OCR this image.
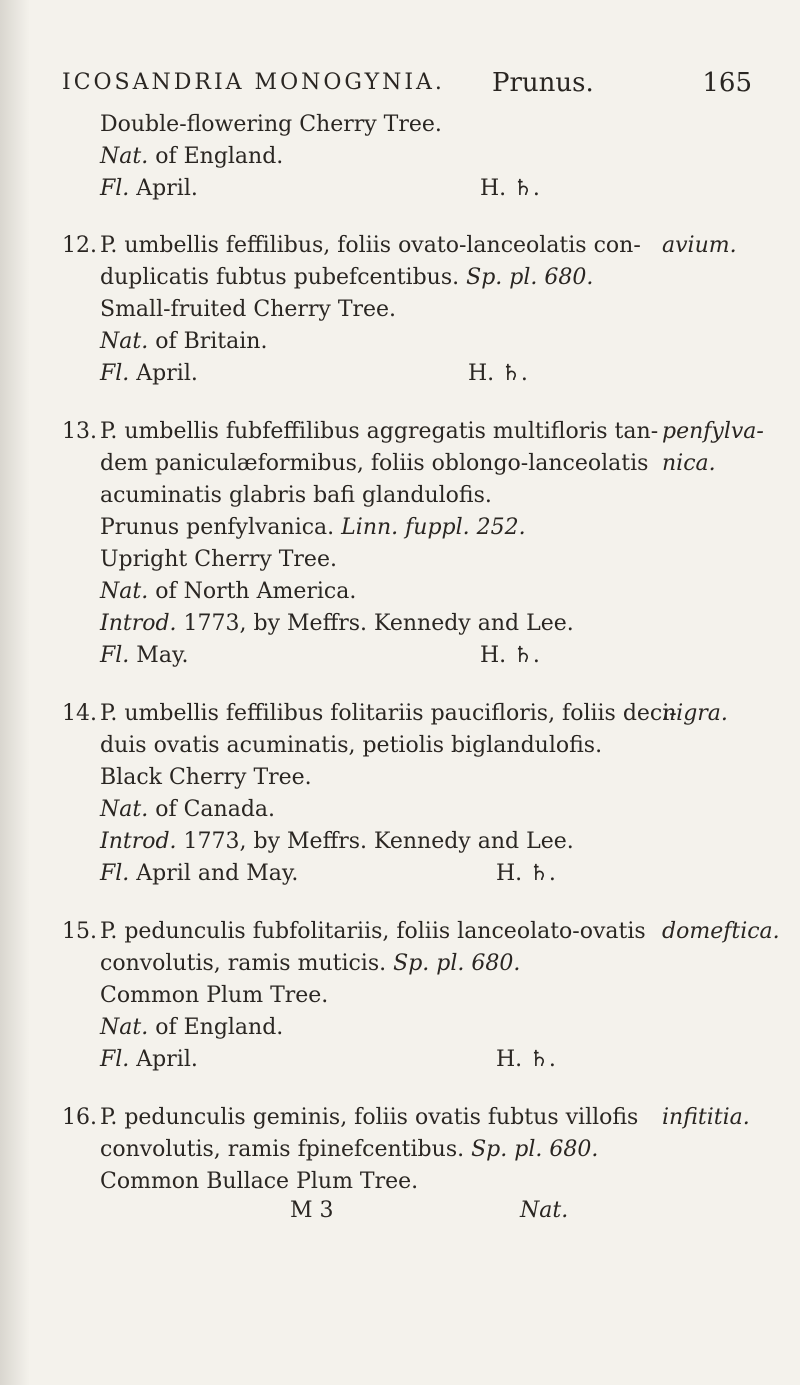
ICOSANDRIA MONOGYNIA. Prunus.	165
Double-flowering Cherry Tree.
Nat. of England.
Fl. April.	H. ♄.
12. P. umbellis feffilibus, foliis ovato-lanceolatis con- avium.
duplicatis fubtus pubefcentibus. Sp. pl. 680.
Small-fruited Cherry Tree.
Nat. of Britain.
Fl. April.	H. ♄.
13. P. umbellis fubfeffilibus aggregatis multifloris tan- penfylva-
dem paniculæformibus, foliis oblongo-lanceolatis nica.
acuminatis glabris bafi glandulofis.
Prunus penfylvanica. Linn. fuppl. 252.
Upright Cherry Tree.
Nat. of North America.
Introd. 1773, by Meffrs. Kennedy and Lee.
Fl. May.	H. ♄.
14. P. umbellis feffilibus folitariis paucifloris, foliis deci-
nigra.
duis ovatis acuminatis, petiolis biglandulofis.
Black Cherry Tree.
Nat. of Canada.
Introd. 1773, by Meffrs. Kennedy and Lee.
Fl. April and May.	H. ♄.
15. P. pedunculis fubfolitariis, foliis lanceolato-ovatis domeftica.
convolutis, ramis muticis. Sp. pl. 680.
Common Plum Tree.
Nat. of England.
Fl. April.	H. ♄.
16. P. pedunculis geminis, foliis ovatis fubtus villofis infititia.
convolutis, ramis fpinefcentibus. Sp. pl. 680.
Common Bullace Plum Tree.
M 3	Nat.
